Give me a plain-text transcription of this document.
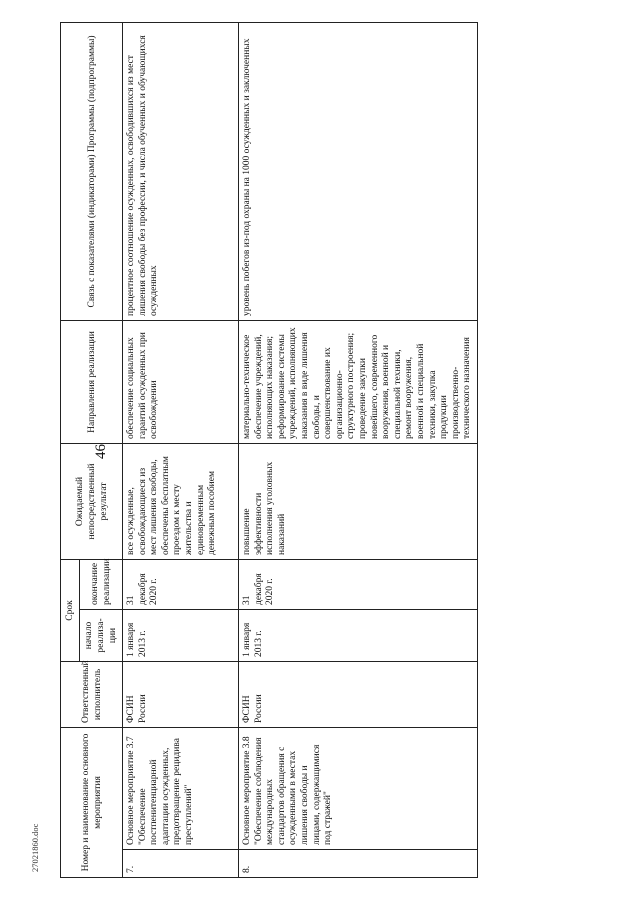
46
27021860.doc	Номер и наименование основного мероприятия		Ответственный исполнитель	Срок		Ожидаемый непосредственный результат	Направления реализации	Связь с показателями (индикаторами) Программы (подпрограммы)
			начало реализа-ции	окончание реализации			
7.	Основное мероприятие 3.7 "Обеспечение постпенитенциарной адаптации осужденных, предотвращение рецидива преступлений"	ФСИН России	1 января 2013 г.	31 декабря 2020 г.	все осужденные, освобождающиеся из мест лишения свободы, обеспечены бесплатным проездом к месту жительства и единовременным денежным пособием	обеспечение социальных гарантий осужденных при освобождении	процентное соотношение осужденных, освободившихся из мест лишения свободы без профессии, и числа обученных и обучающихся осужденных
8.	Основное мероприятие 3.8 "Обеспечение соблюдения международных стандартов обращения с осужденными в местах лишения свободы и лицами, содержащимися под стражей"	ФСИН России	1 января 2013 г.	31 декабря 2020 г.	повышение эффективности исполнения уголовных наказаний	материально-техническое обеспечение учреждений, исполняющих наказания; реформирование системы учреждений, исполняющих наказания в виде лишения свободы, и совершенствование их организационно-структурного построения; проведение закупки новейшего, современного вооружения, военной и специальной техники, ремонт вооружения, военной и специальной техники, закупка продукции производственно-технического назначения	уровень побегов из-под охраны на 1000 осужденных и заключенных
